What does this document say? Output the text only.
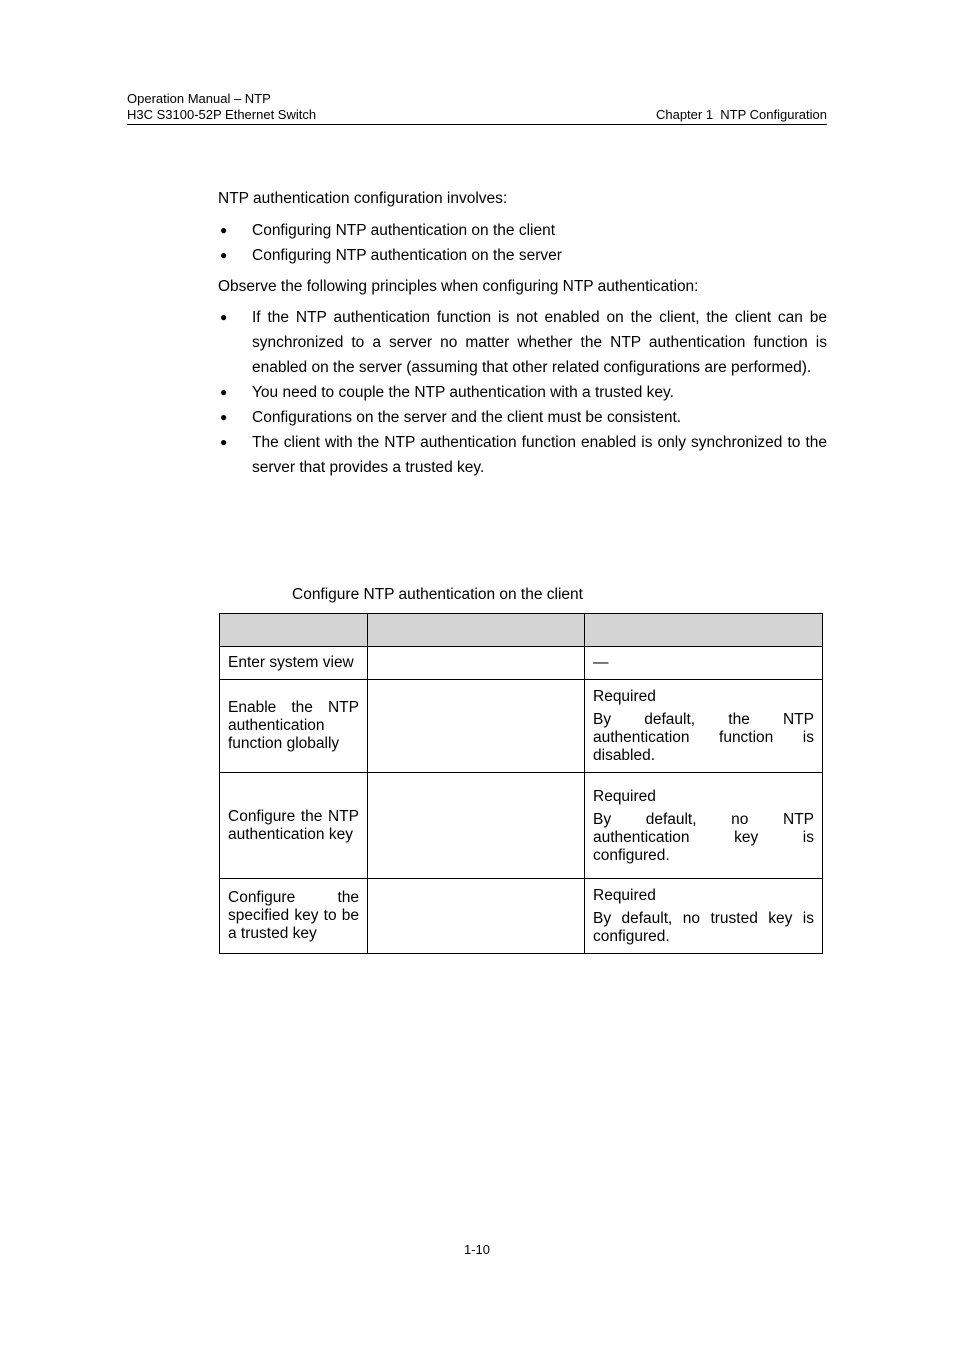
Operation Manual – NTP
H3C S3100-52P Ethernet Switch	Chapter 1  NTP Configuration
NTP authentication configuration involves:
● Configuring NTP authentication on the client
● Configuring NTP authentication on the server
Observe the following principles when configuring NTP authentication:
● If the NTP authentication function is not enabled on the client, the client can be synchronized to a server no matter whether the NTP authentication function is enabled on the server (assuming that other related configurations are performed).
● You need to couple the NTP authentication with a trusted key.
● Configurations on the server and the client must be consistent.
● The client with the NTP authentication function enabled is only synchronized to the server that provides a trusted key.
Configure NTP authentication on the client

Enter system view		—

Enable the NTP authentication function globally		Required
By default, the NTP authentication function is disabled.

Configure the NTP authentication key		Required
By default, no NTP authentication key is configured.

Configure the specified key to be a trusted key		Required
By default, no trusted key is configured.
1-10
